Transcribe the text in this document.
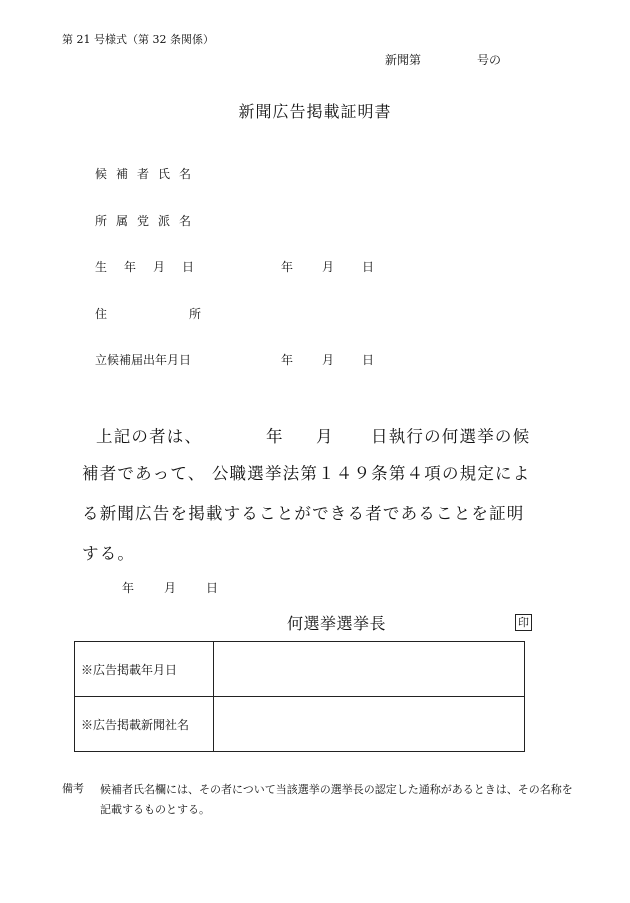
第 21 号様式（第 32 条関係）
新聞第	号の
新聞広告掲載証明書
候補者氏名
所属党派名
生年月日	年 月 日
住	所
立候補届出年月日	年 月 日
上記の者は、	年 月 日執行の何選挙の候
補者であって、 公職選挙法第１４９条第４項の規定によ
る新聞広告を掲載することができる者であることを証明
する。
年	月	日
何選挙選挙長	印
※広告掲載年月日	
※広告掲載新聞社名	
備考 候補者氏名欄には、その者について当該選挙の選挙長の認定した通称があるときは、その名称を記載するものとする。
